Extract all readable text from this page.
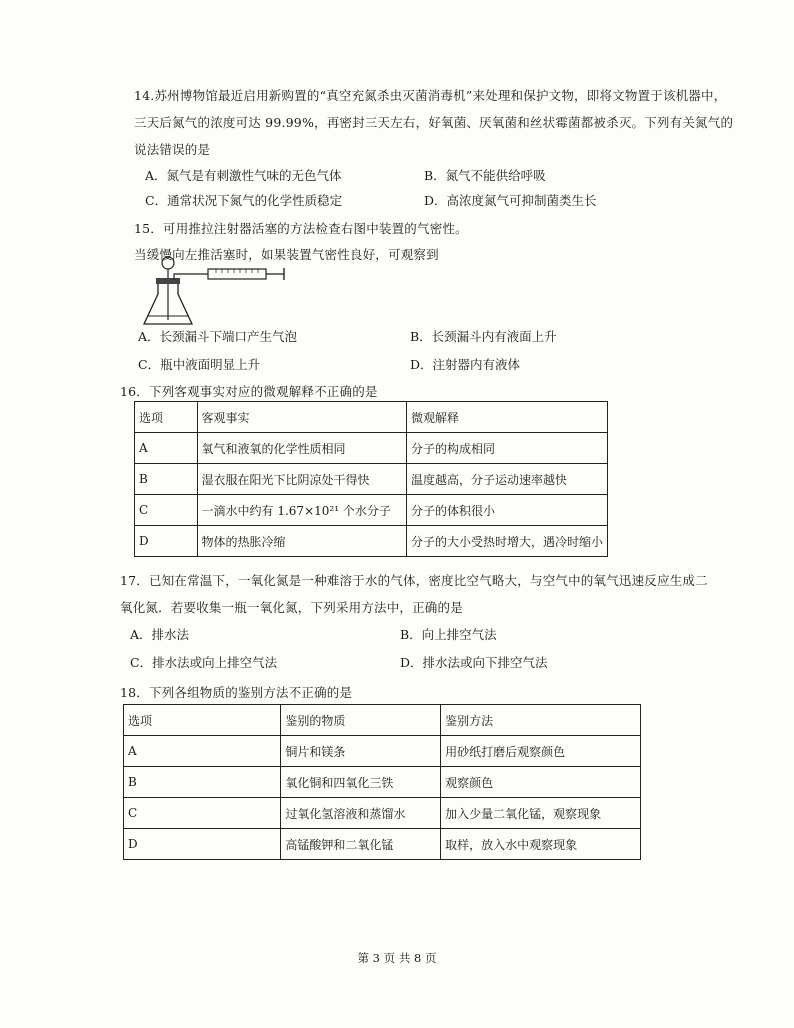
14.苏州博物馆最近启用新购置的“真空充氮杀虫灭菌消毒机”来处理和保护文物，即将文物置于该机器中，
三天后氮气的浓度可达 99.99%，再密封三天左右，好氧菌、厌氧菌和丝状霉菌都被杀灭。下列有关氮气的
说法错误的是
A．氮气是有刺激性气味的无色气体	B．氮气不能供给呼吸
C．通常状况下氮气的化学性质稳定	D．高浓度氮气可抑制菌类生长
15．可用推拉注射器活塞的方法检查右图中装置的气密性。
当缓慢向左推活塞时，如果装置气密性良好，可观察到
A．长颈漏斗下端口产生气泡	B．长颈漏斗内有液面上升
C．瓶中液面明显上升	D．注射器内有液体
16．下列客观事实对应的微观解释不正确的是
选项	客观事实	微观解释
A	氧气和液氧的化学性质相同	分子的构成相同
B	湿衣服在阳光下比阴凉处干得快	温度越高，分子运动速率越快
C	一滴水中约有 1.67×10²¹ 个水分子	分子的体积很小
D	物体的热胀冷缩	分子的大小受热时增大，遇冷时缩小
17．已知在常温下，一氧化氮是一种难溶于水的气体，密度比空气略大，与空气中的氧气迅速反应生成二
氧化氮．若要收集一瓶一氧化氮，下列采用方法中，正确的是
A．排水法	B．向上排空气法
C．排水法或向上排空气法	D．排水法或向下排空气法
18．下列各组物质的鉴别方法不正确的是
选项	鉴别的物质	鉴别方法
A	铜片和镁条	用砂纸打磨后观察颜色
B	氧化铜和四氧化三铁	观察颜色
C	过氧化氢溶液和蒸馏水	加入少量二氧化锰，观察现象
D	高锰酸钾和二氧化锰	取样，放入水中观察现象
第 3 页 共 8 页
